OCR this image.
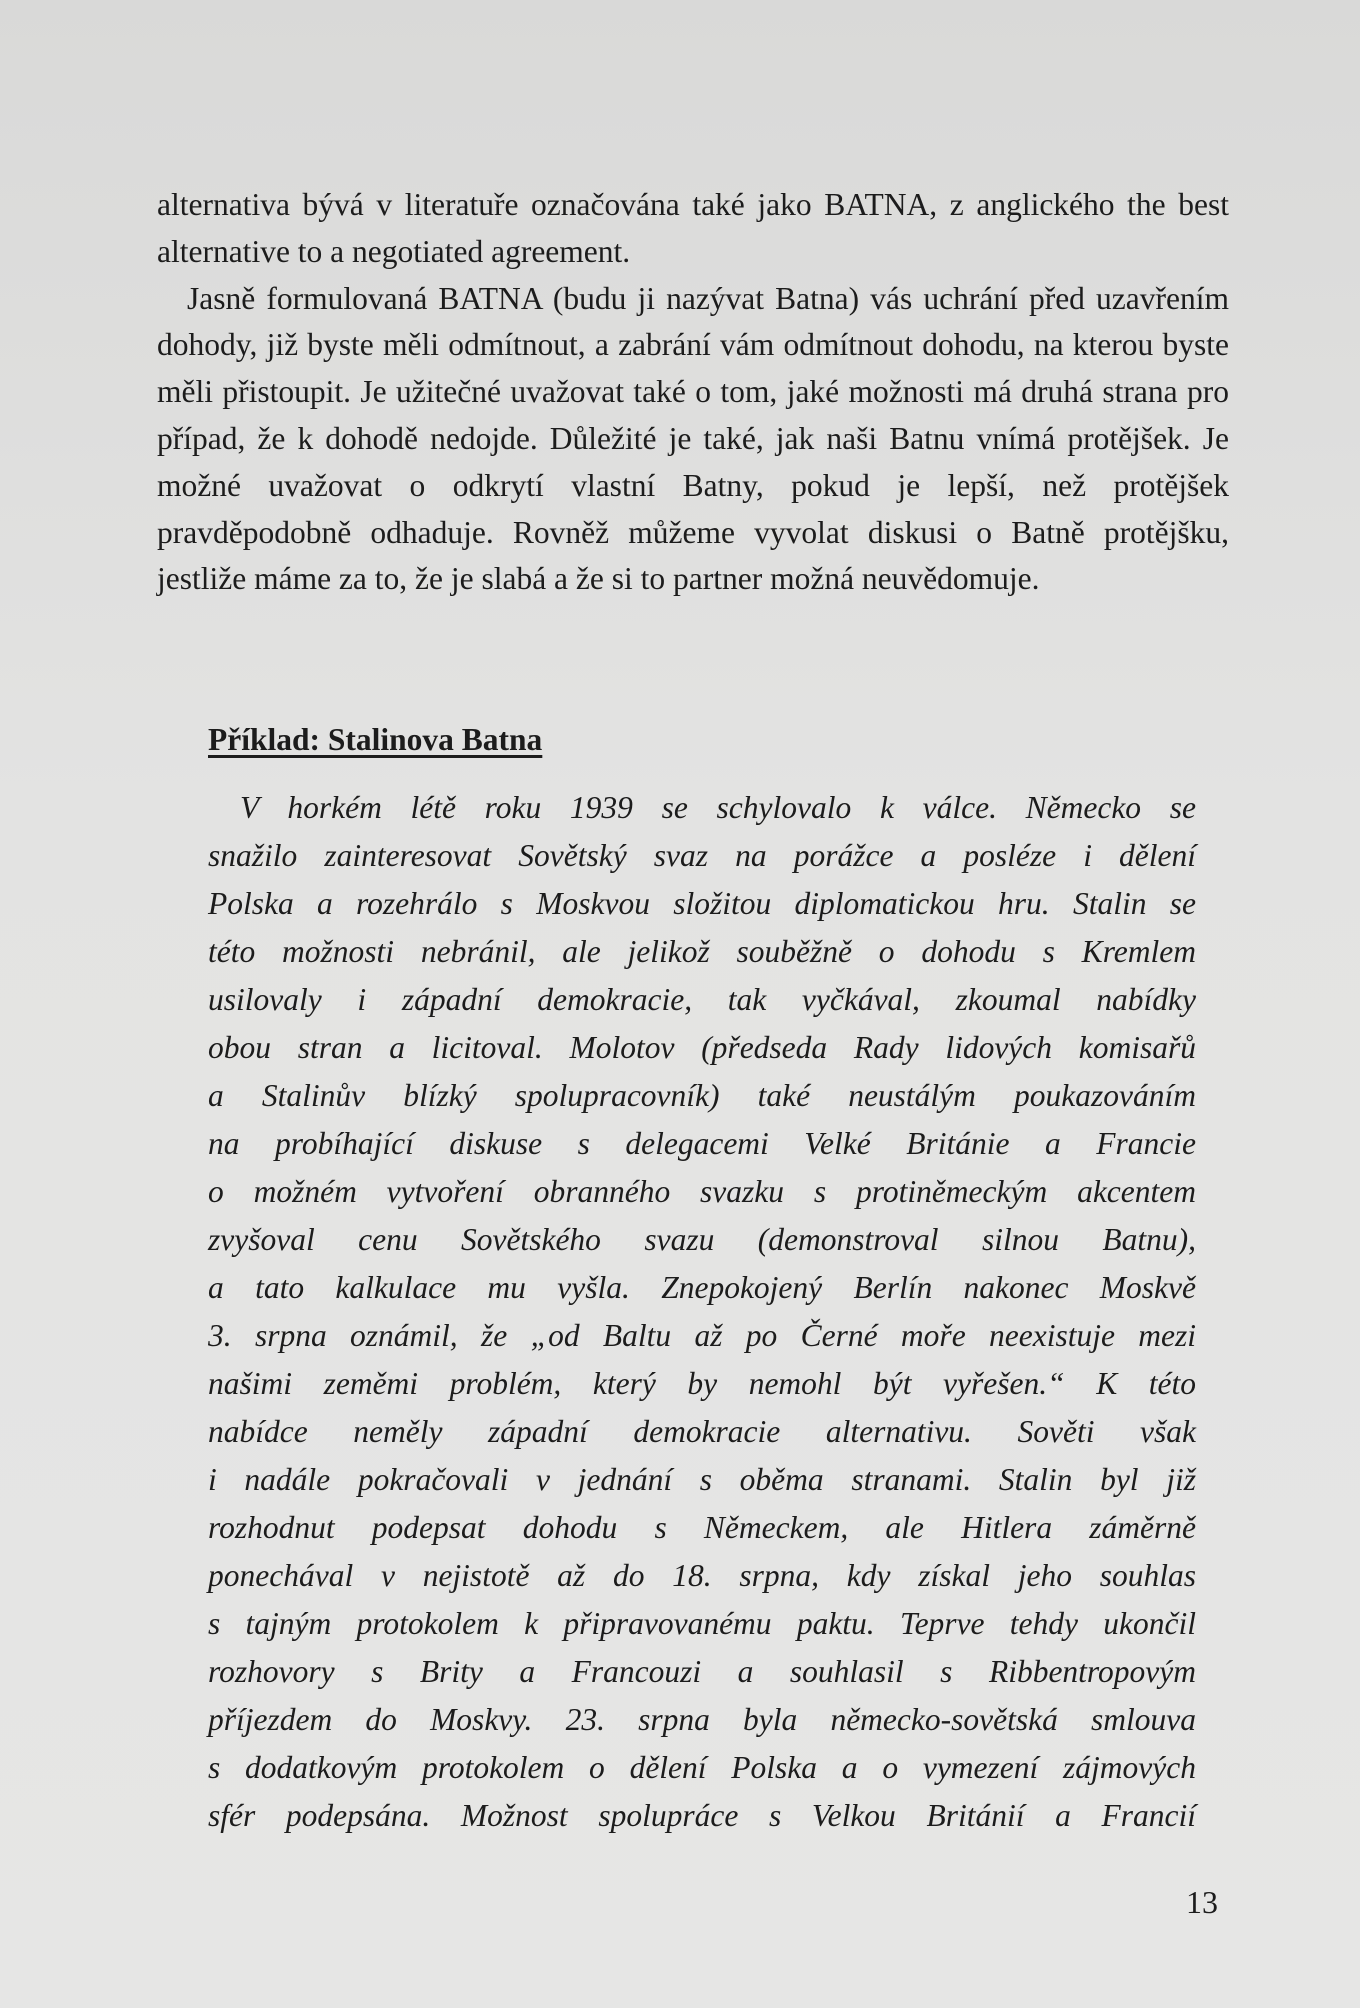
alternativa bývá v literatuře označována také jako BATNA, z anglického the best alternative to a negotiated agreement.

Jasně formulovaná BATNA (budu ji nazývat Batna) vás uchrání před uzavřením dohody, již byste měli odmítnout, a zabrání vám odmítnout dohodu, na kterou byste měli přistoupit. Je užitečné uvažovat také o tom, jaké možnosti má druhá strana pro případ, že k dohodě nedojde. Důležité je také, jak naši Batnu vnímá protějšek. Je možné uvažovat o odkrytí vlastní Batny, pokud je lepší, než protějšek pravděpodobně odhaduje. Rovněž můžeme vyvolat diskusi o Batně protějšku, jestliže máme za to, že je slabá a že si to partner možná neuvědomuje.

Příklad: Stalinova Batna
V horkém létě roku 1939 se schylovalo k válce. Německo se
snažilo zainteresovat Sovětský svaz na porážce a posléze i dělení
Polska a rozehrálo s Moskvou složitou diplomatickou hru. Stalin se
této možnosti nebránil, ale jelikož souběžně o dohodu s Kremlem
usilovaly i západní demokracie, tak vyčkával, zkoumal nabídky
obou stran a licitoval. Molotov (předseda Rady lidových komisařů
a Stalinův blízký spolupracovník) také neustálým poukazováním
na probíhající diskuse s delegacemi Velké Británie a Francie
o možném vytvoření obranného svazku s protiněmeckým akcentem
zvyšoval cenu Sovětského svazu (demonstroval silnou Batnu),
a tato kalkulace mu vyšla. Znepokojený Berlín nakonec Moskvě
3. srpna oznámil, že „od Baltu až po Černé moře neexistuje mezi
našimi zeměmi problém, který by nemohl být vyřešen.“ K této
nabídce neměly západní demokracie alternativu. Sověti však
i nadále pokračovali v jednání s oběma stranami. Stalin byl již
rozhodnut podepsat dohodu s Německem, ale Hitlera záměrně
ponechával v nejistotě až do 18. srpna, kdy získal jeho souhlas
s tajným protokolem k připravovanému paktu. Teprve tehdy ukončil
rozhovory s Brity a Francouzi a souhlasil s Ribbentropovým
příjezdem do Moskvy. 23. srpna byla německo-sovětská smlouva
s dodatkovým protokolem o dělení Polska a o vymezení zájmových
sfér podepsána. Možnost spolupráce s Velkou Británií a Francií
13
